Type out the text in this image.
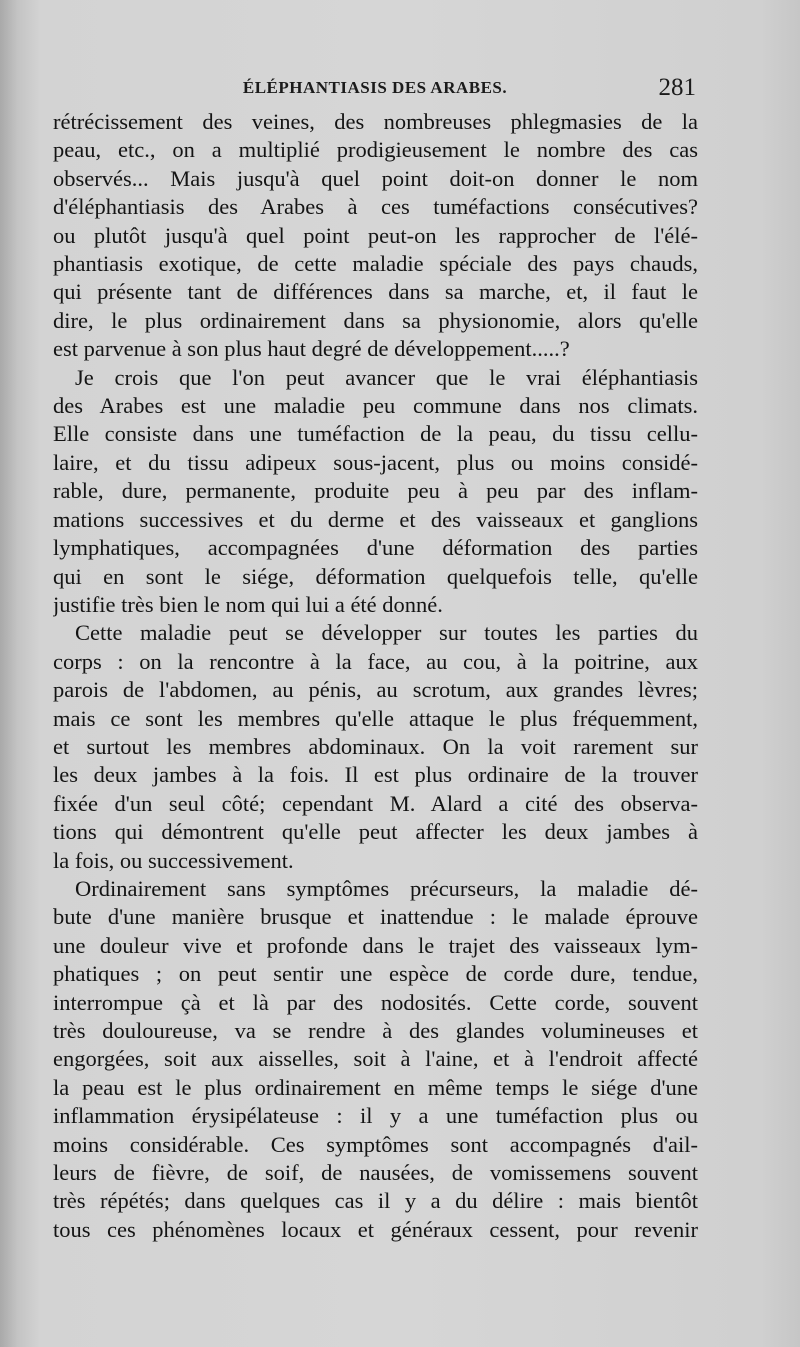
ÉLÉPHANTIASIS DES ARABES.	281
rétrécissement des veines, des nombreuses phlegmasies de la
peau, etc., on a multiplié prodigieusement le nombre des cas
observés... Mais jusqu'à quel point doit-on donner le nom
d'éléphantiasis des Arabes à ces tuméfactions consécutives?
ou plutôt jusqu'à quel point peut-on les rapprocher de l'élé-
phantiasis exotique, de cette maladie spéciale des pays chauds,
qui présente tant de différences dans sa marche, et, il faut le
dire, le plus ordinairement dans sa physionomie, alors qu'elle
est parvenue à son plus haut degré de développement.....?
Je crois que l'on peut avancer que le vrai éléphantiasis
des Arabes est une maladie peu commune dans nos climats.
Elle consiste dans une tuméfaction de la peau, du tissu cellu-
laire, et du tissu adipeux sous-jacent, plus ou moins considé-
rable, dure, permanente, produite peu à peu par des inflam-
mations successives et du derme et des vaisseaux et ganglions
lymphatiques, accompagnées d'une déformation des parties
qui en sont le siége, déformation quelquefois telle, qu'elle
justifie très bien le nom qui lui a été donné.
Cette maladie peut se développer sur toutes les parties du
corps : on la rencontre à la face, au cou, à la poitrine, aux
parois de l'abdomen, au pénis, au scrotum, aux grandes lèvres;
mais ce sont les membres qu'elle attaque le plus fréquemment,
et surtout les membres abdominaux. On la voit rarement sur
les deux jambes à la fois. Il est plus ordinaire de la trouver
fixée d'un seul côté; cependant M. Alard a cité des observa-
tions qui démontrent qu'elle peut affecter les deux jambes à
la fois, ou successivement.
Ordinairement sans symptômes précurseurs, la maladie dé-
bute d'une manière brusque et inattendue : le malade éprouve
une douleur vive et profonde dans le trajet des vaisseaux lym-
phatiques ; on peut sentir une espèce de corde dure, tendue,
interrompue çà et là par des nodosités. Cette corde, souvent
très douloureuse, va se rendre à des glandes volumineuses et
engorgées, soit aux aisselles, soit à l'aine, et à l'endroit affecté
la peau est le plus ordinairement en même temps le siége d'une
inflammation érysipélateuse : il y a une tuméfaction plus ou
moins considérable. Ces symptômes sont accompagnés d'ail-
leurs de fièvre, de soif, de nausées, de vomissemens souvent
très répétés; dans quelques cas il y a du délire : mais bientôt
tous ces phénomènes locaux et généraux cessent, pour revenir
